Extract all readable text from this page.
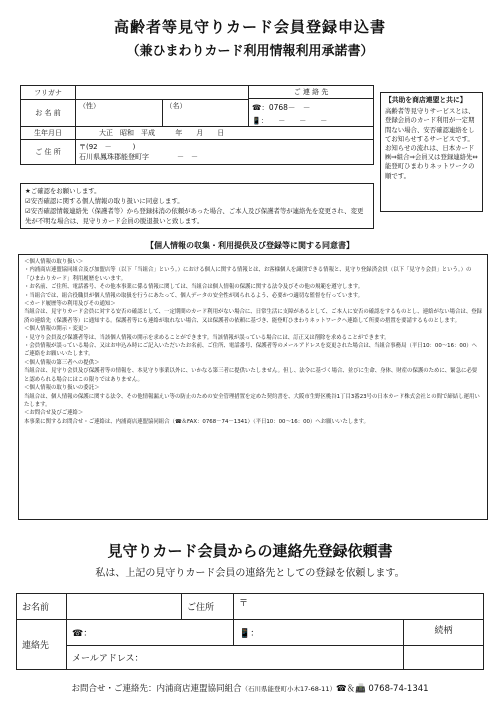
高齢者等見守りカード会員登録申込書
（兼ひまわりカード利用情報利用承諾書）
フリガナ			ご 連 絡 先
☎：0768－　－
📱：　　－　　－　　－

お 名 前	（性）	（名）	
生年月日	大正　昭和　平成 年　　月　　日		
ご 住 所	〒(92　－　　　)
石川県鳳珠郡能登町字　　　　－　－		
【共助を商店連盟と共に】
高齢者等見守りサービスとは、登録会員のカード利用が一定期間ない場合、安否確認連絡をしてお知らせするサービスです。お知らせの流れは、日本カード㈱⇒組合⇒会員又は登録連絡先⇔能登町ひまわりネットワークの順です。
★ご確認をお願いします。
☑安否確認に関する個人情報の取り扱いに同意します。
☑安否確認情報連絡先（保護者等）から登録抹消の依頼があった場合、ご本人及び保護者等が連絡先を変更され、変更先が不明な場合は、見守りカード会員の脱退扱いと致します。
【個人情報の収集・利用提供及び登録等に関する同意書】

＜個人情報の取り扱い＞

・内浦商店連盟協同組合及び加盟店等（以下「当組合」という。）における個人に関する情報とは、お客様個人を識別できる情報と、見守り登録済会員（以下「見守り会員」という。）の「ひまわりカード」利用履歴をいいます。

・お名前、ご住所、電話番号、その他本事業に係る情報に関しては、当組合は個人情報の保護に関する法令及びその他の規範を遵守します。

・当組合では、組合役職員が個人情報の取扱を行うにあたって、個人データの安全性が図られるよう、必要かつ適切な監督を行っています。

＜カード履歴等の利用及びその通知＞

当組合は、見守りカード会員に対する安否の確認として、一定期間のカード利用がない場合に、日常生活に支障があるとして、ご本人に安否の確認をするものとし、連絡がない場合は、登録済の連絡先（保護者等）に通知する。保護者等にも連絡が取れない場合、又は保護者の依頼に基づき、能登町ひまわりネットワークへ連絡して所要の措置を要請するものとします。

＜個人情報の開示・変更＞

・見守り会員及び保護者等は、当該個人情報の開示を求めることができます。当該情報が誤っている場合には、訂正又は削除を求めることができます。

・会員情報が誤っている場合、又はお申込み時にご記入いただいたお名前、ご住所、電話番号、保護者等のメールアドレスを変更された場合は、当組合事務局（平日10：00〜16：00）へご連絡をお願いいたします。

＜個人情報の第三者への提供＞

当組合は、見守り会員及び保護者等の情報を、本見守り事業以外に、いかなる第三者に提供いたしません。但し、法令に基づく場合、並びに生命、身体、財産の保護のために、緊急に必要と認められる場合にはこの限りではありません。

＜個人情報の取り扱いの委託＞

当組合は、個人情報の保護に関する法令、その他情報漏えい等の防止のための安全管理措置を定めた契約書を、大阪市生野区桃谷1丁目3番23号の日本カード株式会社との間で締結し運用いたします。

＜お問合せ及びご連絡＞

本事業に関するお問合せ・ご連絡は、内浦商店連盟協同組合（☎＆FAX：0768－74－1341）（平日10：00〜16：00）へお願いいたします。

見守りカード会員からの連絡先登録依頼書
私は、上記の見守りカード会員の連絡先としての登録を依頼します。
お名前		ご住所	〒	
連絡先	☎：		📱：	続柄

	メールアドレス：			
お問合せ・ご連絡先：内浦商店連盟協同組合（石川県能登町小木17-68-11）☎＆📠 0768-74-1341
